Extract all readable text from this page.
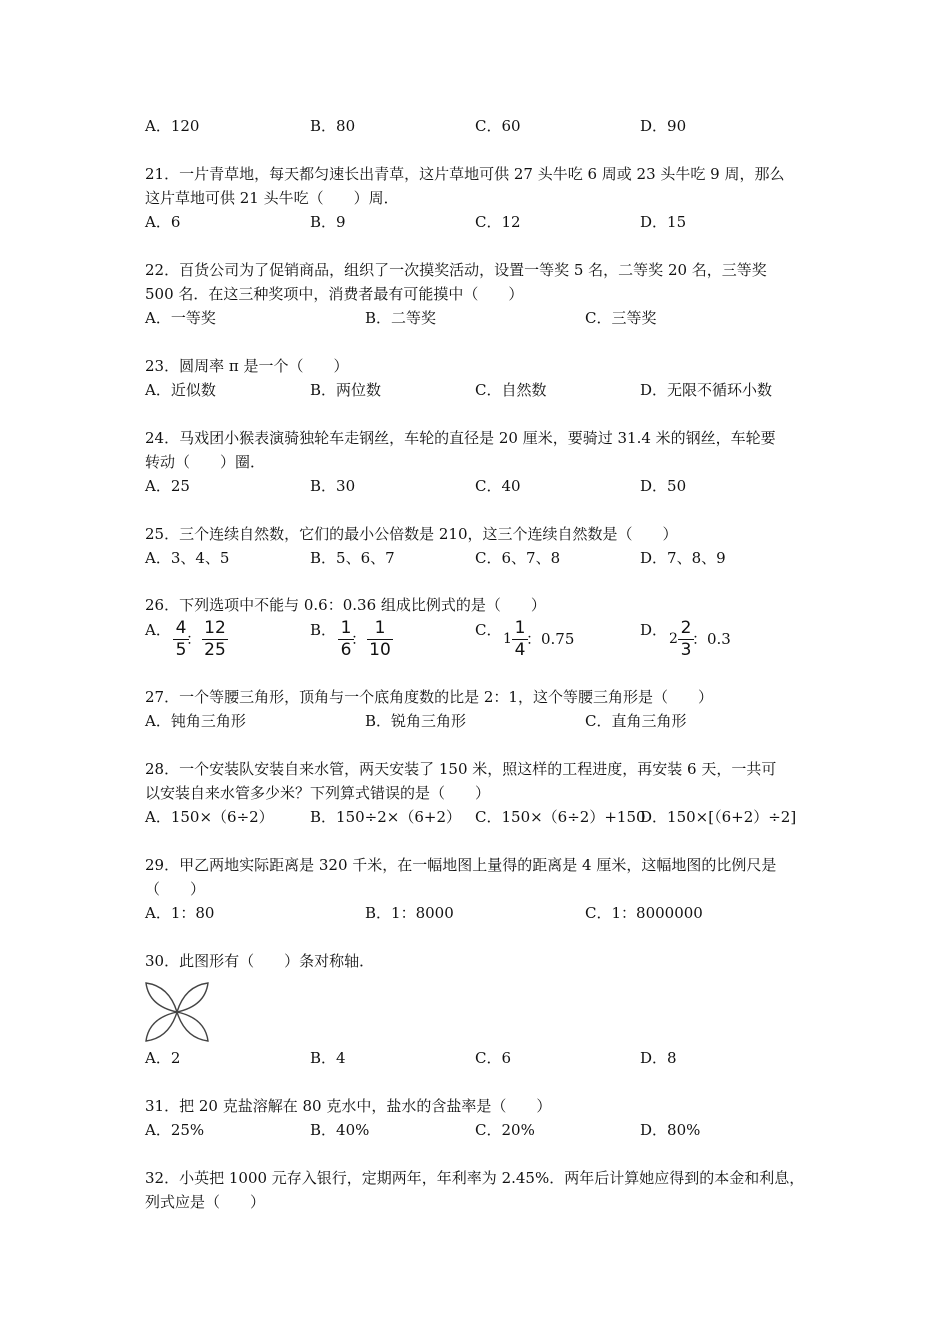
A．120	B．80	C．60	D．90
21．一片青草地，每天都匀速长出青草，这片草地可供 27 头牛吃 6 周或 23 头牛吃 9 周，那么
这片草地可供 21 头牛吃（　　）周．
A．6	B．9	C．12	D．15
22．百货公司为了促销商品，组织了一次摸奖活动，设置一等奖 5 名，二等奖 20 名，三等奖
500 名．在这三种奖项中，消费者最有可能摸中（　　）
A．一等奖	B．二等奖	C．三等奖
23．圆周率 π 是一个（　　）
A．近似数	B．两位数	C．自然数	D．无限不循环小数
24．马戏团小猴表演骑独轮车走钢丝，车轮的直径是 20 厘米，要骑过 31.4 米的钢丝，车轮要
转动（　　）圈．
A．25	B．30	C．40	D．50
25．三个连续自然数，它们的最小公倍数是 210，这三个连续自然数是（　　）
A．3、4、5	B．5、6、7	C．6、7、8	D．7、8、9
26．下列选项中不能与 0.6：0.36 组成比例式的是（　　）
A． 4
5
：
12
25
B． 1
6
：
1
10
C． 1
1
4
：0.75	D． 2
2
3
：0.3
27．一个等腰三角形，顶角与一个底角度数的比是 2：1，这个等腰三角形是（　　）
A．钝角三角形	B．锐角三角形	C．直角三角形
28．一个安装队安装自来水管，两天安装了 150 米，照这样的工程进度，再安装 6 天，一共可
以安装自来水管多少米？下列算式错误的是（　　）
A．150×（6÷2） B．150÷2×（6+2） C．150×（6÷2）+150
D．150×[（6+2）÷2]
29．甲乙两地实际距离是 320 千米，在一幅地图上量得的距离是 4 厘米，这幅地图的比例尺是
（　　）
A．1：80	B．1：8000	C．1：8000000
30．此图形有（　　）条对称轴．
A．2	B．4	C．6	D．8
31．把 20 克盐溶解在 80 克水中，盐水的含盐率是（　　）
A．25%	B．40%	C．20%	D．80%
32．小英把 1000 元存入银行，定期两年，年利率为 2.45%．两年后计算她应得到的本金和利息，
列式应是（　　）
